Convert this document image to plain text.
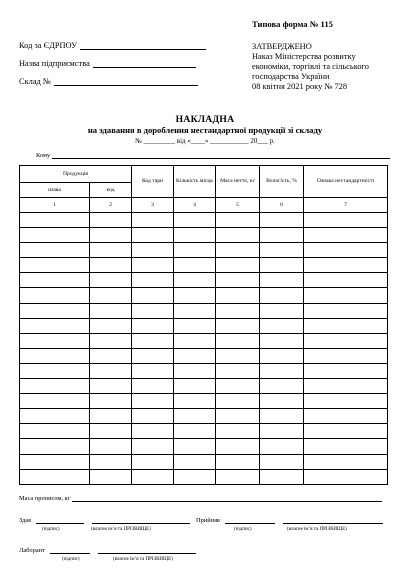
Типова форма № 115
Код за ЄДРПОУ
Назва підприємства
Склад №
ЗАТВЕРДЖЕНО
Наказ Міністерства розвитку
економіки, торгівлі та сільського
господарства України
08 квітня 2021 року № 728
НАКЛАДНА
на здавання в доробления нестандартної продукції зі складу
№ _________ від «____» ___________ 20___ р.
Кому
Продукція		Код тари	Кількість місць	Маса нетто, кг	Вологість, %	Ознака нестандартності
назва	код					
1	2	3	4	5	6	7

Маса прописом, кг
Здав
(підпис)	(власне ім’я та ПРІЗВИЩЕ)
Прийняв
(підпис)	(власне ім’я та ПРІЗВИЩЕ)
Лаборант
(підпис)	(власне ім’я та ПРІЗВИЩЕ)
